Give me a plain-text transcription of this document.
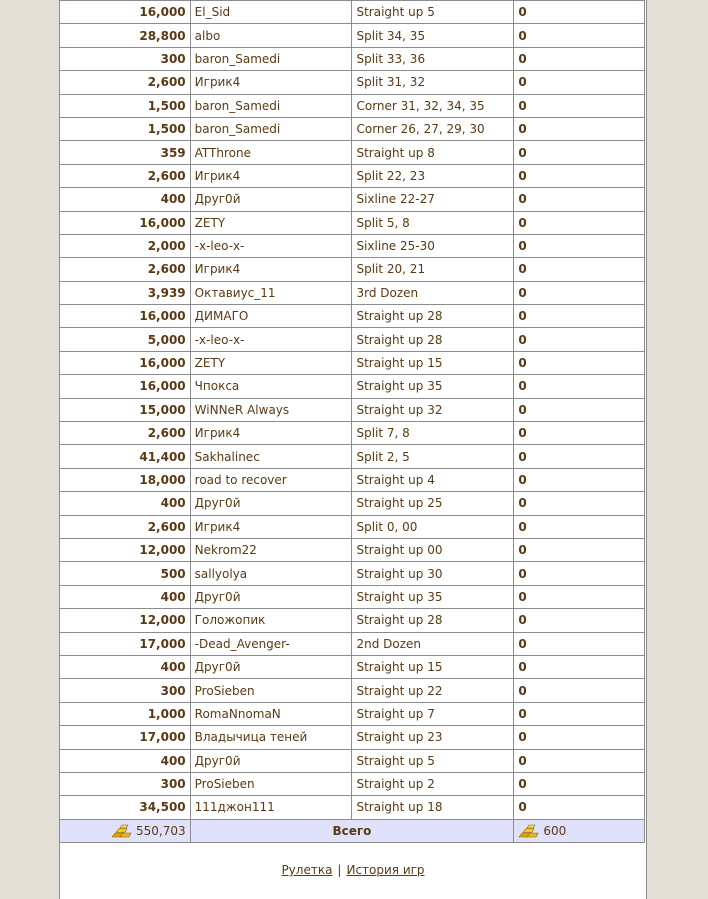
16,000	El_Sid	Straight up 5	0
28,800	albo	Split 34, 35	0
300	baron_Samedi	Split 33, 36	0
2,600	Игрик4	Split 31, 32	0
1,500	baron_Samedi	Corner 31, 32, 34, 35	0
1,500	baron_Samedi	Corner 26, 27, 29, 30	0
359	ATThrone	Straight up 8	0
2,600	Игрик4	Split 22, 23	0
400	Друг0й	Sixline 22-27	0
16,000	ZETY	Split 5, 8	0
2,000	-x-leo-x-	Sixline 25-30	0
2,600	Игрик4	Split 20, 21	0
3,939	Октавиус_11	3rd Dozen	0
16,000	ДИМАГО	Straight up 28	0
5,000	-x-leo-x-	Straight up 28	0
16,000	ZETY	Straight up 15	0
16,000	Чпокса	Straight up 35	0
15,000	WiNNeR Always	Straight up 32	0
2,600	Игрик4	Split 7, 8	0
41,400	Sakhalinec	Split 2, 5	0
18,000	road to recover	Straight up 4	0
400	Друг0й	Straight up 25	0
2,600	Игрик4	Split 0, 00	0
12,000	Nekrom22	Straight up 00	0
500	sallyolya	Straight up 30	0
400	Друг0й	Straight up 35	0
12,000	Голожопик	Straight up 28	0
17,000	-Dead_Avenger-	2nd Dozen	0
400	Друг0й	Straight up 15	0
300	ProSieben	Straight up 22	0
1,000	RomaNnomaN	Straight up 7	0
17,000	Владычица теней	Straight up 23	0
400	Друг0й	Straight up 5	0
300	ProSieben	Straight up 2	0
34,500	111джон111	Straight up 18	0
550,703	Всего		600
Рулетка | История игр
